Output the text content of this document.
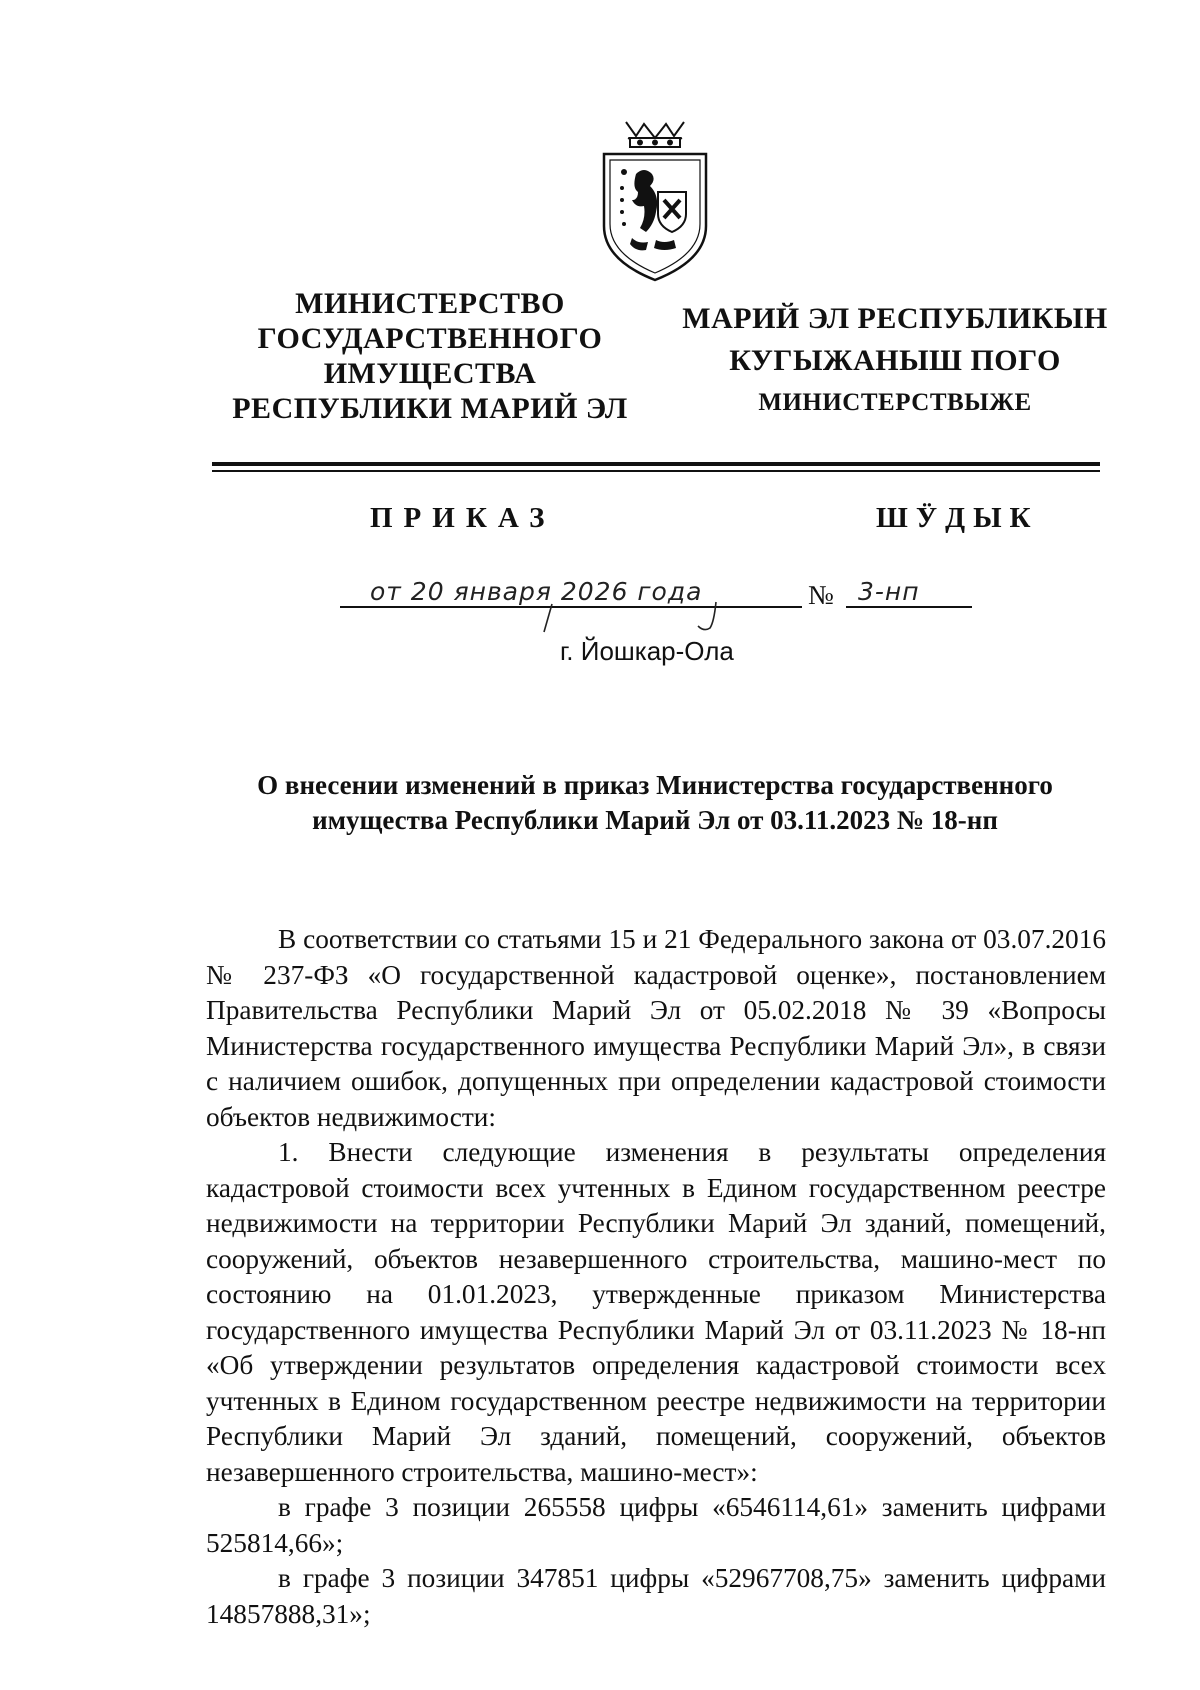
МИНИСТЕРСТВО
ГОСУДАРСТВЕННОГО
ИМУЩЕСТВА
РЕСПУБЛИКИ МАРИЙ ЭЛ
МАРИЙ ЭЛ РЕСПУБЛИКЫН
КУГЫЖАНЫШ ПОГО
МИНИСТЕРСТВЫЖЕ
ПРИКАЗ	ШӰДЫК
от 20 января 2026 года	№ 3-нп
г. Йошкар-Ола
О внесении изменений в приказ Министерства государственного
имущества Республики Марий Эл от 03.11.2023 № 18-нп

В соответствии со статьями 15 и 21 Федерального закона от 03.07.2016 № 237-ФЗ «О государственной кадастровой оценке», постановлением Правительства Республики Марий Эл от 05.02.2018 № 39 «Вопросы Министерства государственного имущества Республики Марий Эл», в связи с наличием ошибок, допущенных при определении кадастровой стоимости объектов недвижимости:

1. Внести следующие изменения в результаты определения кадастровой стоимости всех учтенных в Едином государственном реестре недвижимости на территории Республики Марий Эл зданий, помещений, сооружений, объектов незавершенного строительства, машино-мест по состоянию на 01.01.2023, утвержденные приказом Министерства государственного имущества Республики Марий Эл от 03.11.2023 № 18-нп «Об утверждении результатов определения кадастровой стоимости всех учтенных в Едином государственном реестре недвижимости на территории Республики Марий Эл зданий, помещений, сооружений, объектов незавершенного строительства, машино-мест»:

в графе 3 позиции 265558 цифры «6546114,61» заменить цифрами 525814,66»;

в графе 3 позиции 347851 цифры «52967708,75» заменить цифрами 14857888,31»;
